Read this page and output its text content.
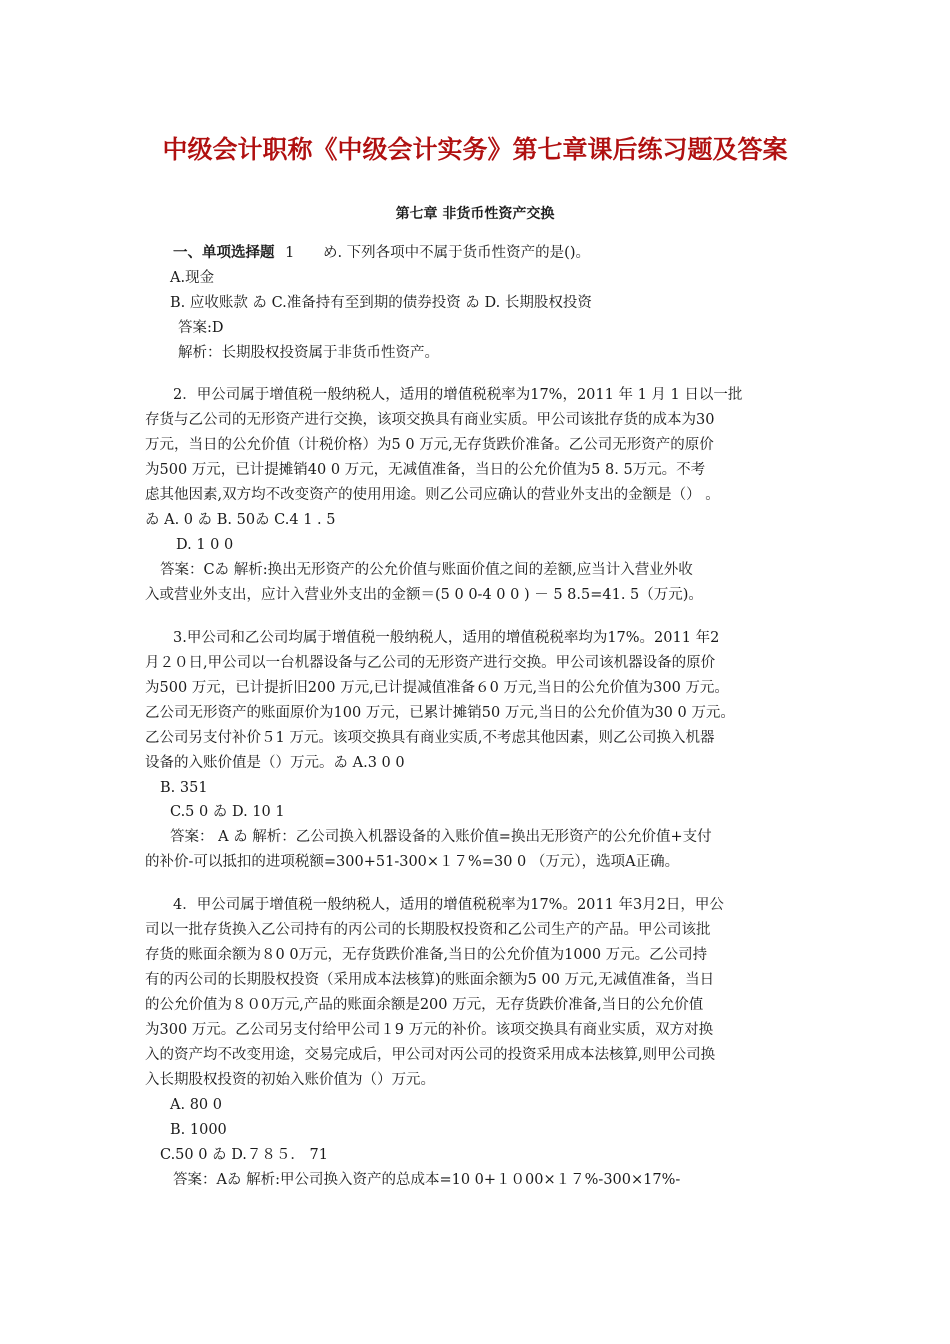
中级会计职称《中级会计实务》第七章课后练习题及答案
第七章 非货币性资产交换
一、单项选择题 1 め. 下列各项中不属于货币性资产的是()。
A.现金
B. 应收账款 ゐ C.准备持有至到期的债券投资 ゐ D. 长期股权投资
答案:D
解析：长期股权投资属于非货币性资产。
2．甲公司属于增值税一般纳税人，适用的增值税税率为17%，2011 年 1 月 1 日以一批
存货与乙公司的无形资产进行交换，该项交换具有商业实质。甲公司该批存货的成本为30
万元，当日的公允价值（计税价格）为5 0 万元,无存货跌价准备。乙公司无形资产的原价
为500 万元，已计提摊销40 0 万元，无减值准备，当日的公允价值为5 8. 5万元。不考
虑其他因素,双方均不改变资产的使用用途。则乙公司应确认的营业外支出的金额是（） 。
ゐ A. 0 ゐ B. 50ゐ C.4 1 . 5
D. 1 0 0
答案：Cゐ 解析:换出无形资产的公允价值与账面价值之间的差额,应当计入营业外收
入或营业外支出，应计入营业外支出的金额＝(5 0 0-4 0 0 ) － 5 8.5=41. 5（万元)。
3.甲公司和乙公司均属于增值税一般纳税人，适用的增值税税率均为17%。2011 年2
月２０日,甲公司以一台机器设备与乙公司的无形资产进行交换。甲公司该机器设备的原价
为500 万元，已计提折旧200 万元,已计提减值准备６0 万元,当日的公允价值为300 万元。
乙公司无形资产的账面原价为100 万元，已累计摊销50 万元,当日的公允价值为30 0 万元。
乙公司另支付补价５1 万元。该项交换具有商业实质,不考虑其他因素，则乙公司换入机器
设备的入账价值是（）万元。ゐ A.3 0 0
B. 351
C.5 0 ゐ D. 10 1
答案： A ゐ 解析：乙公司换入机器设备的入账价值=换出无形资产的公允价值+支付
的补价-可以抵扣的进项税额=300+51-300×１７%=30 0 （万元），选项A正确。
4．甲公司属于增值税一般纳税人，适用的增值税税率为17%。2011 年3月2日，甲公
司以一批存货换入乙公司持有的丙公司的长期股权投资和乙公司生产的产品。甲公司该批
存货的账面余额为８0 0万元，无存货跌价准备,当日的公允价值为1000 万元。乙公司持
有的丙公司的长期股权投资（采用成本法核算)的账面余额为5 00 万元,无减值准备，当日
的公允价值为８０0万元,产品的账面余额是200 万元，无存货跌价准备,当日的公允价值
为300 万元。乙公司另支付给甲公司１9 万元的补价。该项交换具有商业实质，双方对换
入的资产均不改变用途，交易完成后，甲公司对丙公司的投资采用成本法核算,则甲公司换
入长期股权投资的初始入账价值为（）万元。
A. 80 0
B. 1000
C.50 0 ゐ D.７８５． 71
答案：Aゐ 解析:甲公司换入资产的总成本=10 0+１０00×１７%-300×17%-
